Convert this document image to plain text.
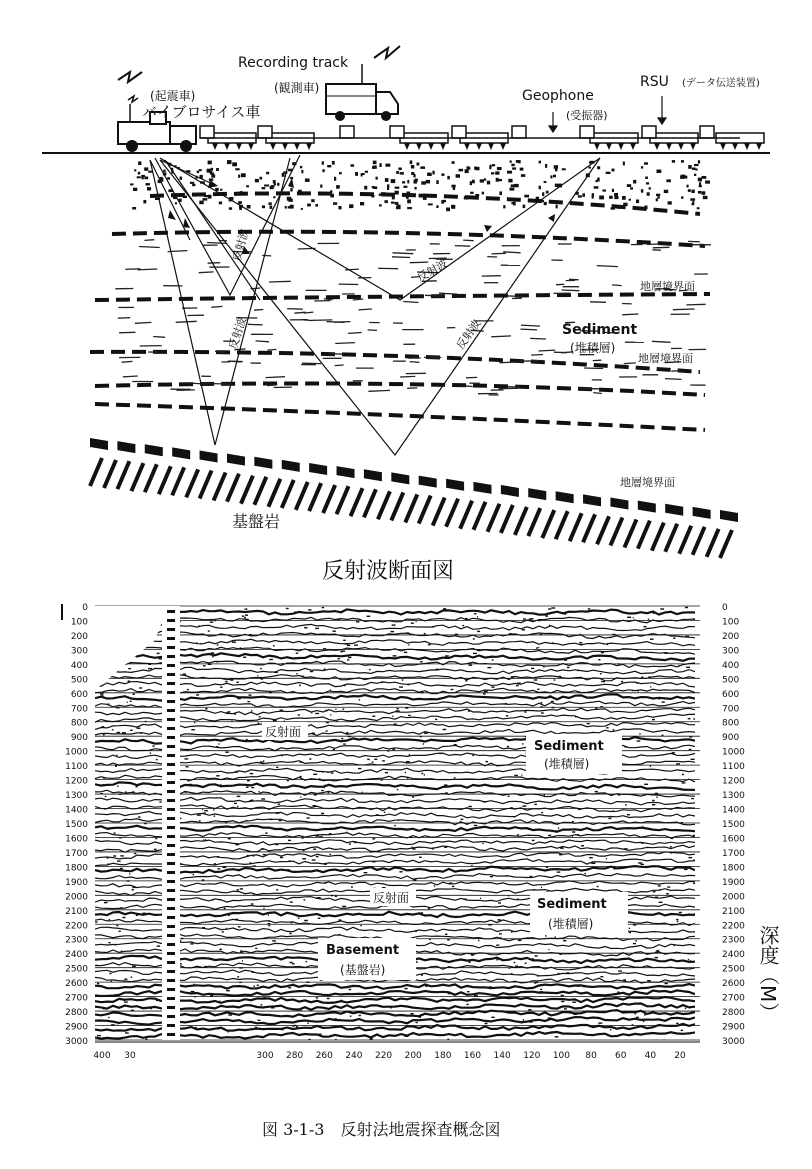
(起震車)
バイブロサイス車
Recording track
(観測車)	Geophone
(受振器)
RSU (データ伝送装置)
反射波
反射波
反射波	反射波
地層境界面
地層境界面
地層境界面
Sediment
(堆積層)
基盤岩
反射波断面図
0
100
200
300
400
500
600
700
800
900
1000
1100
1200
1300
1400
1500
1600
1700
1800
1900
2000
2100
2200
2300
2400
2500
2600
2700
2800
2900
3000
0
100
200
300
400
500
600
700
800
900
1000
1100
1200
1300
1400
1500
1600
1700
1800
1900
2000
2100
2200
2300
2400
2500
2600
2700
2800
2900
3000
反射面
反射面
Sediment
(堆積層)
Sediment
(堆積層)
Basement
(基盤岩)
300 280 260 240 220 200 180 160 140 120 100 80 60 40 20
400 30
深度（M）
図 3-1-3　反射法地震探査概念図
